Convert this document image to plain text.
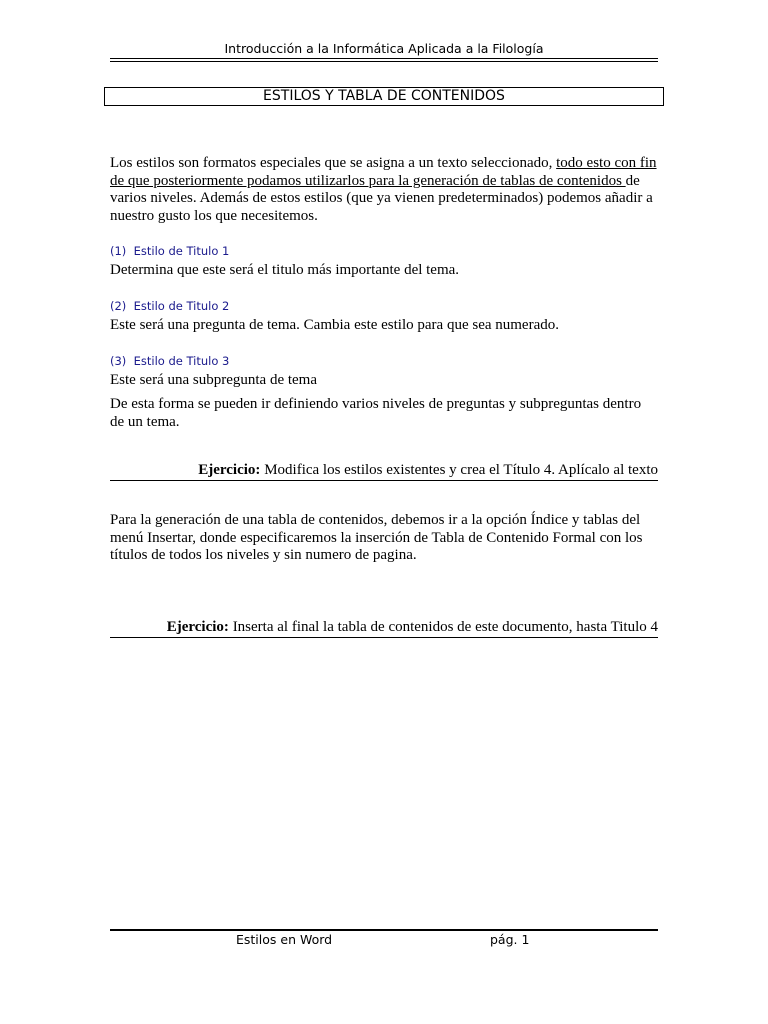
Introducción a la Informática Aplicada a la Filología
ESTILOS Y TABLA DE CONTENIDOS

Los estilos son formatos especiales que se asigna a un texto seleccionado, todo esto con fin de que posteriormente podamos utilizarlos para la generación de tablas de contenidos de varios niveles. Además de estos estilos (que ya vienen predeterminados) podemos añadir a nuestro gusto los que necesitemos.

(1) Estilo de Titulo 1

Determina que este será el titulo más importante del tema.

(2) Estilo de Titulo 2

Este será una pregunta de tema. Cambia este estilo para que sea numerado.

(3) Estilo de Titulo 3

Este será una subpregunta de tema

De esta forma se pueden ir definiendo varios niveles de preguntas y subpreguntas dentro de un tema.

Ejercicio: Modifica los estilos existentes y crea el Título 4. Aplícalo al texto

Para la generación de una tabla de contenidos, debemos ir a la opción Índice y tablas del menú Insertar, donde especificaremos la inserción de Tabla de Contenido Formal con los títulos de todos los niveles y sin numero de pagina.

Ejercicio: Inserta al final la tabla de contenidos de este documento, hasta Titulo 4
Estilos en Word	pág. 1
